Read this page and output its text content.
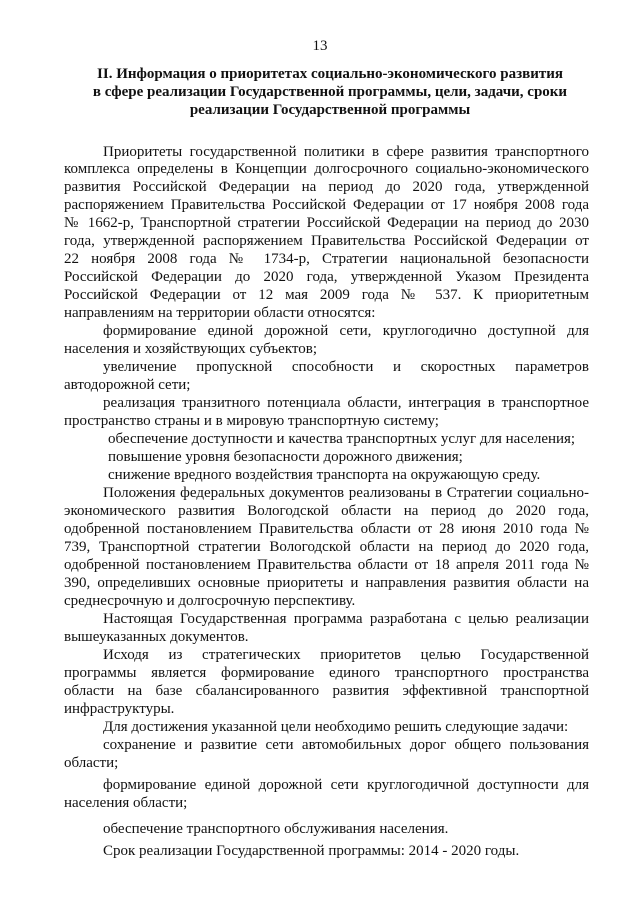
13
II. Информация о приоритетах социально-экономического развития
в сфере реализации Государственной программы, цели, задачи, сроки
реализации Государственной программы
Приоритеты государственной политики в сфере развития транспортного
комплекса определены в Концепции долгосрочного социально-экономического
развития Российской Федерации на период до 2020 года, утвержденной
распоряжением Правительства Российской Федерации от 17 ноября 2008 года
№ 1662-р, Транспортной стратегии Российской Федерации на период до 2030
года, утвержденной распоряжением Правительства Российской Федерации от
22 ноября 2008 года № 1734-р, Стратегии национальной безопасности
Российской Федерации до 2020 года, утвержденной Указом Президента
Российской Федерации от 12 мая 2009 года № 537. К приоритетным
направлениям на территории области относятся:
формирование единой дорожной сети, круглогодично доступной для
населения и хозяйствующих субъектов;
увеличение пропускной способности и скоростных параметров
автодорожной сети;
реализация транзитного потенциала области, интеграция в транспортное
пространство страны и в мировую транспортную систему;
обеспечение доступности и качества транспортных услуг для населения;
повышение уровня безопасности дорожного движения;
снижение вредного воздействия транспорта на окружающую среду.
Положения федеральных документов реализованы в Стратегии социально-
экономического развития Вологодской области на период до 2020 года,
одобренной постановлением Правительства области от 28 июня 2010 года №
739, Транспортной стратегии Вологодской области на период до 2020 года,
одобренной постановлением Правительства области от 18 апреля 2011 года №
390, определивших основные приоритеты и направления развития области на
среднесрочную и долгосрочную перспективу.
Настоящая Государственная программа разработана с целью реализации
вышеуказанных документов.
Исходя из стратегических приоритетов целью Государственной
программы является формирование единого транспортного пространства
области на базе сбалансированного развития эффективной транспортной
инфраструктуры.
Для достижения указанной цели необходимо решить следующие задачи:
сохранение и развитие сети автомобильных дорог общего пользования
области;
формирование единой дорожной сети круглогодичной доступности для
населения области;
обеспечение транспортного обслуживания населения.
Срок реализации Государственной программы: 2014 - 2020 годы.
